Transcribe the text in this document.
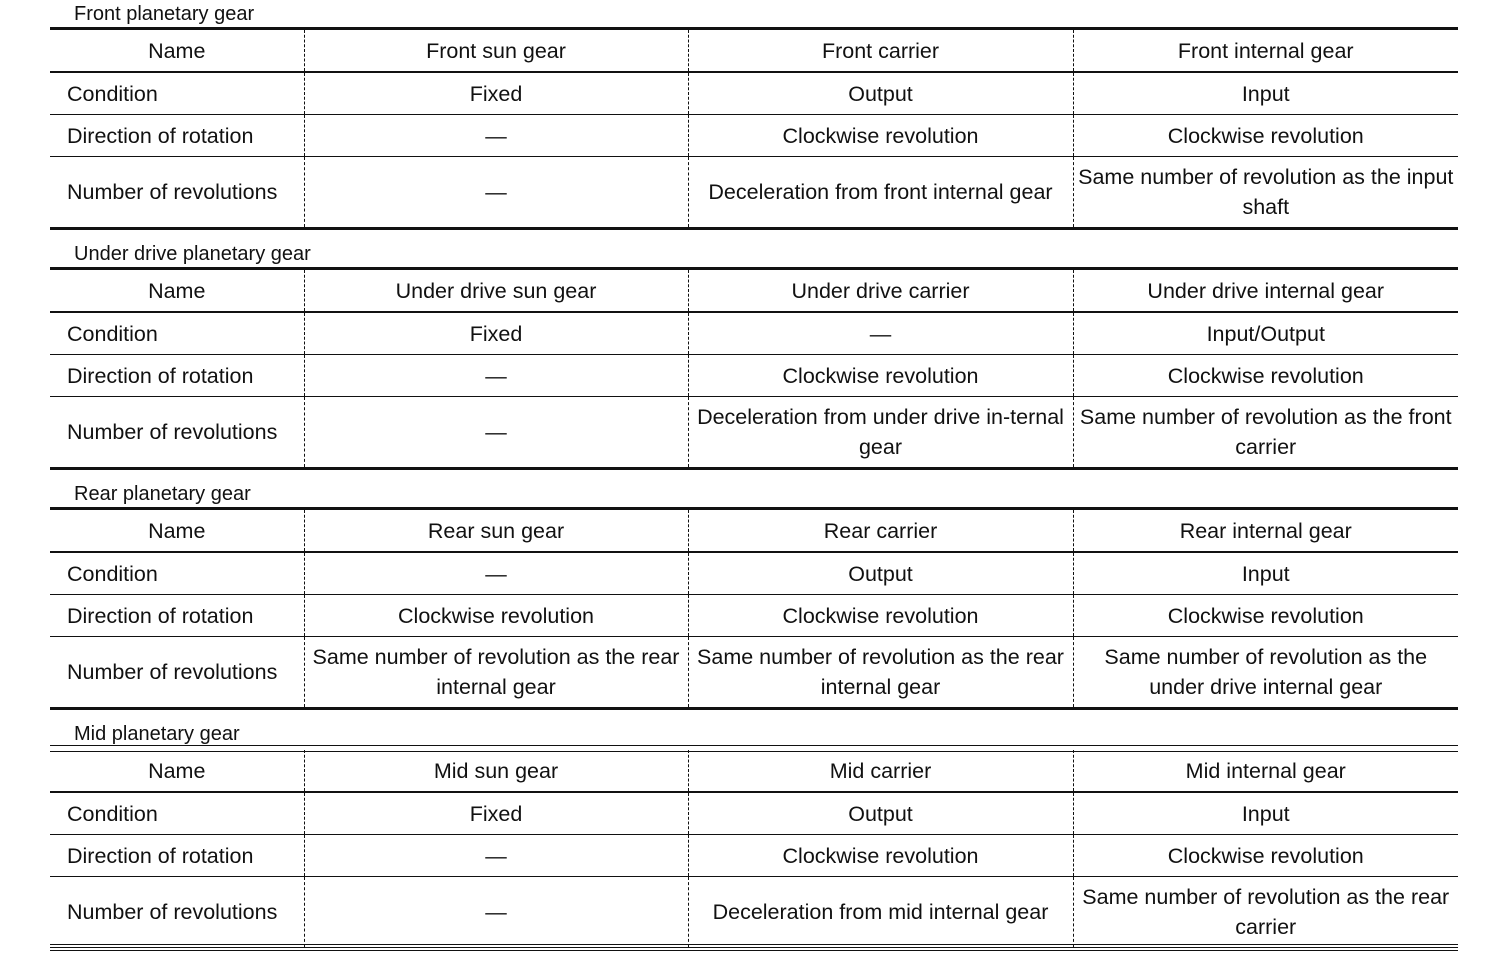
Front planetary gear
Name	Front sun gear	Front carrier	Front internal gear
Condition	Fixed	Output	Input
Direction of rotation	—	Clockwise revolution	Clockwise revolution
Number of revolutions	—	Deceleration from front internal gear	Same number of revolution as the input shaft
Under drive planetary gear
Name	Under drive sun gear	Under drive carrier	Under drive internal gear
Condition	Fixed	—	Input/Output
Direction of rotation	—	Clockwise revolution	Clockwise revolution
Number of revolutions	—	Deceleration from under drive in-ternal gear	Same number of revolution as the front carrier
Rear planetary gear
Name	Rear sun gear	Rear carrier	Rear internal gear
Condition	—	Output	Input
Direction of rotation	Clockwise revolution	Clockwise revolution	Clockwise revolution
Number of revolutions	Same number of revolution as the rear internal gear	Same number of revolution as the rear internal gear	Same number of revolution as the under drive internal gear
Mid planetary gear
Name	Mid sun gear	Mid carrier	Mid internal gear
Condition	Fixed	Output	Input
Direction of rotation	—	Clockwise revolution	Clockwise revolution
Number of revolutions	—	Deceleration from mid internal gear	Same number of revolution as the rear carrier
